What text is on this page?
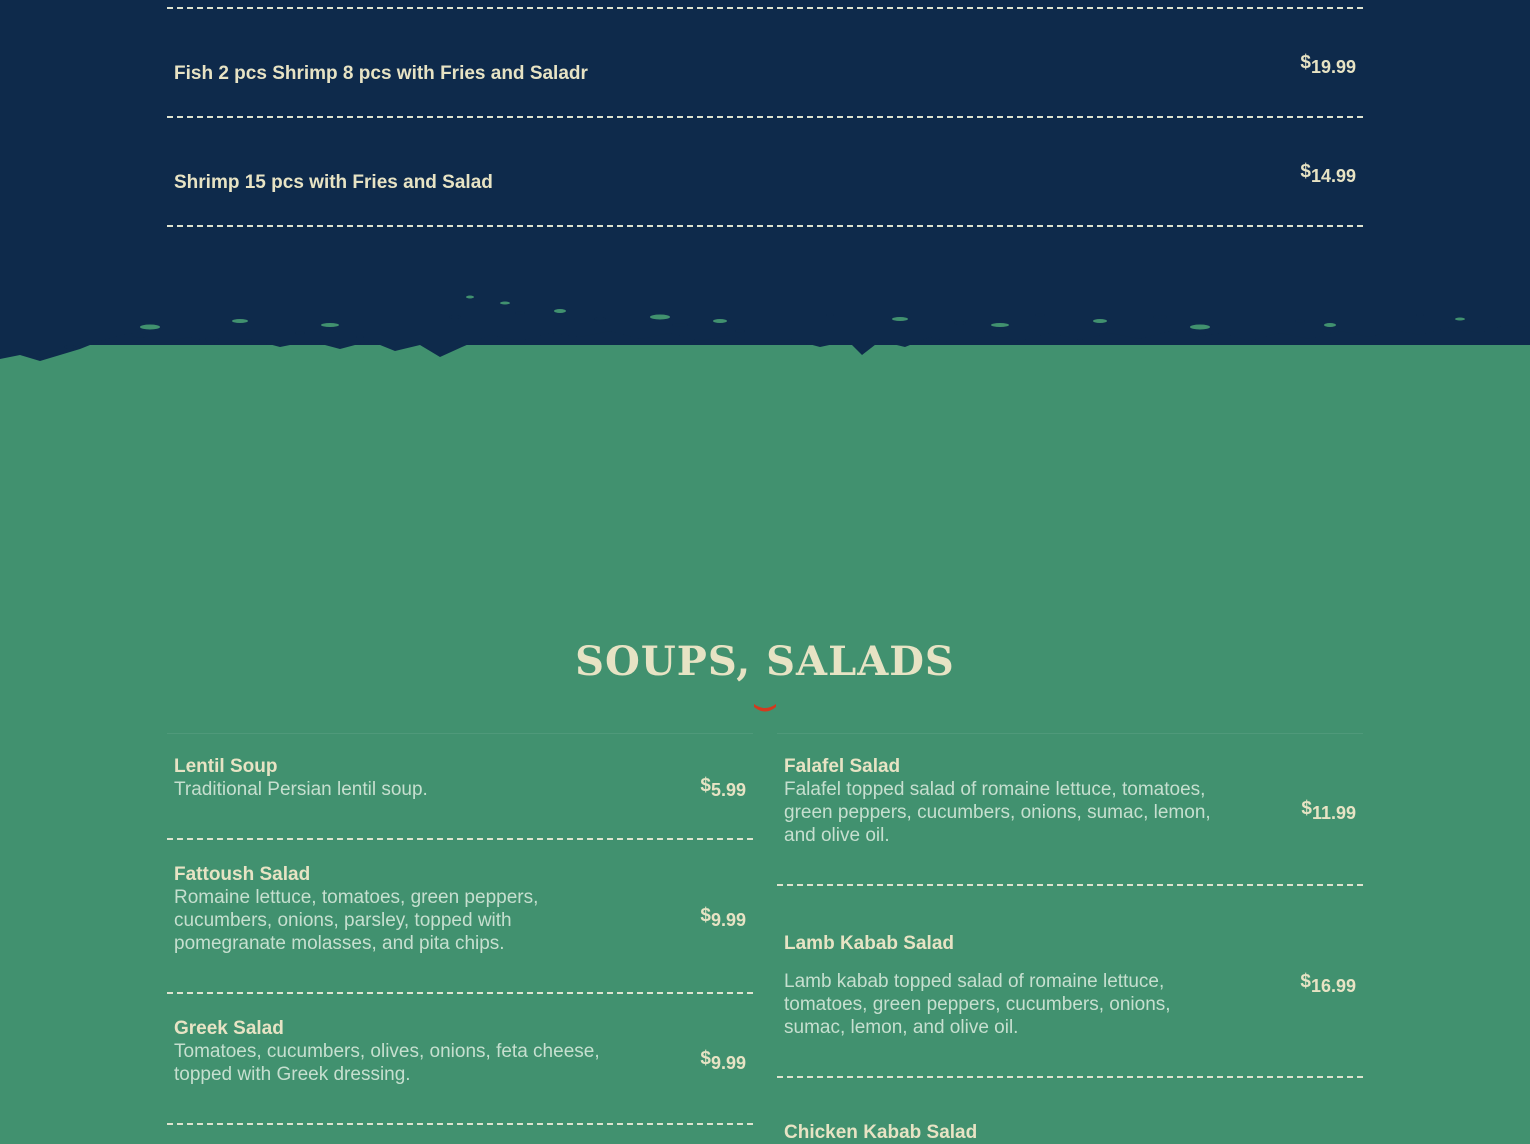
Fish 2 pcs Shrimp 8 pcs with Fries and Saladr
$19.99
Shrimp 15 pcs with Fries and Salad
$14.99
SOUPS, SALADS
Lentil Soup
Traditional Persian lentil soup.	$5.99
Fattoush Salad
Romaine lettuce, tomatoes, green peppers, cucumbers, onions, parsley, topped with pomegranate molasses, and pita chips.
$9.99
Greek Salad
Tomatoes, cucumbers, olives, onions, feta cheese, topped with Greek dressing.
$9.99
Falafel Salad
Falafel topped salad of romaine lettuce, tomatoes, green peppers, cucumbers, onions, sumac, lemon, and olive oil.
$11.99
Lamb Kabab Salad
Lamb kabab topped salad of romaine lettuce, tomatoes, green peppers, cucumbers, onions, sumac, lemon, and olive oil.
$16.99
Chicken Kabab Salad
